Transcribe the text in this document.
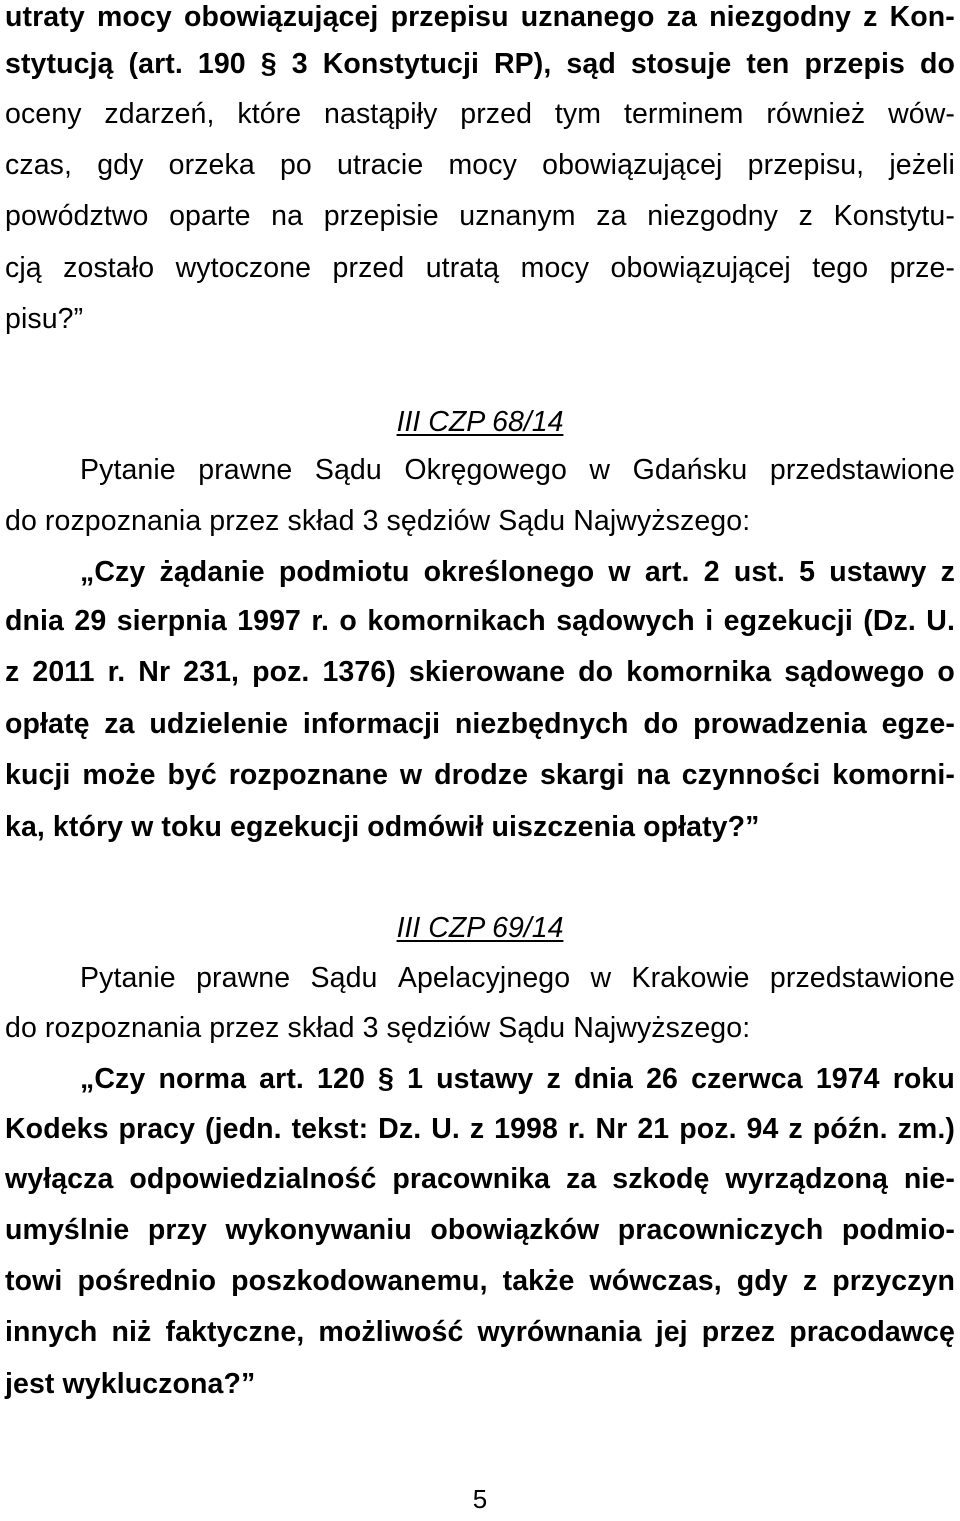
utraty mocy obowiązującej przepisu uznanego za niezgodny z Kon-
stytucją (art. 190 § 3 Konstytucji RP), sąd stosuje ten przepis do
oceny zdarzeń, które nastąpiły przed tym terminem również wów-
czas, gdy orzeka po utracie mocy obowiązującej przepisu, jeżeli
powództwo oparte na przepisie uznanym za niezgodny z Konstytu-
cją zostało wytoczone przed utratą mocy obowiązującej tego prze-
pisu?”
III CZP 68/14
Pytanie prawne Sądu Okręgowego w Gdańsku przedstawione
do rozpoznania przez skład 3 sędziów Sądu Najwyższego:
„Czy żądanie podmiotu określonego w art. 2 ust. 5 ustawy z
dnia 29 sierpnia 1997 r. o komornikach sądowych i egzekucji (Dz. U.
z 2011 r. Nr 231, poz. 1376) skierowane do komornika sądowego o
opłatę za udzielenie informacji niezbędnych do prowadzenia egze-
kucji może być rozpoznane w drodze skargi na czynności komorni-
ka, który w toku egzekucji odmówił uiszczenia opłaty?”
III CZP 69/14
Pytanie prawne Sądu Apelacyjnego w Krakowie przedstawione
do rozpoznania przez skład 3 sędziów Sądu Najwyższego:
„Czy norma art. 120 § 1 ustawy z dnia 26 czerwca 1974 roku
Kodeks pracy (jedn. tekst: Dz. U. z 1998 r. Nr 21 poz. 94 z późn. zm.)
wyłącza odpowiedzialność pracownika za szkodę wyrządzoną nie-
umyślnie przy wykonywaniu obowiązków pracowniczych podmio-
towi pośrednio poszkodowanemu, także wówczas, gdy z przyczyn
innych niż faktyczne, możliwość wyrównania jej przez pracodawcę
jest wykluczona?”
5
